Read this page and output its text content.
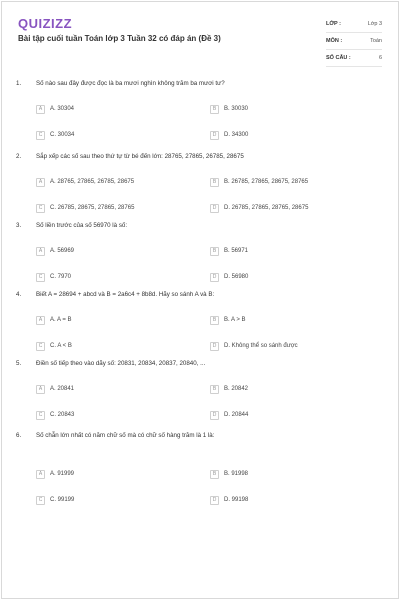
QUIZIZZ
Bài tập cuối tuần Toán lớp 3 Tuần 32 có đáp án (Đề 3)
LỚP :	Lớp 3
MÔN :	Toán
SỐ CÂU :	6
1.	Số nào sau đây được đọc là ba mươi nghìn không trăm ba mươi tư?
A	A. 30304	B	B. 30030
C	C. 30034	D	D. 34300
2.	Sắp xếp các số sau theo thứ tự từ bé đến lớn: 28765, 27865, 26785, 28675
A	A. 28765, 27865, 26785, 28675	B	B. 26785, 27865, 28675, 28765
C	C. 26785, 28675, 27865, 28765	D	D. 26785, 27865, 28765, 28675
3.	Số liền trước của số 56970 là số:
A	A. 56969	B	B. 56971
C	C. 7970	D	D. 56980
4.	Biết A = 28694 + abcd và B = 2a6c4 + 8b8d. Hãy so sánh A và B:
A	A. A = B	B	B. A > B
C	C. A < B	D	D. Không thể so sánh được
5.	Điền số tiếp theo vào dãy số: 20831, 20834, 20837, 20840, ...
A	A. 20841	B	B. 20842
C	C. 20843	D	D. 20844
6.	Số chẵn lớn nhất có năm chữ số mà có chữ số hàng trăm là 1 là:
A	A. 91999	B	B. 91998
C	C. 99199	D	D. 99198
